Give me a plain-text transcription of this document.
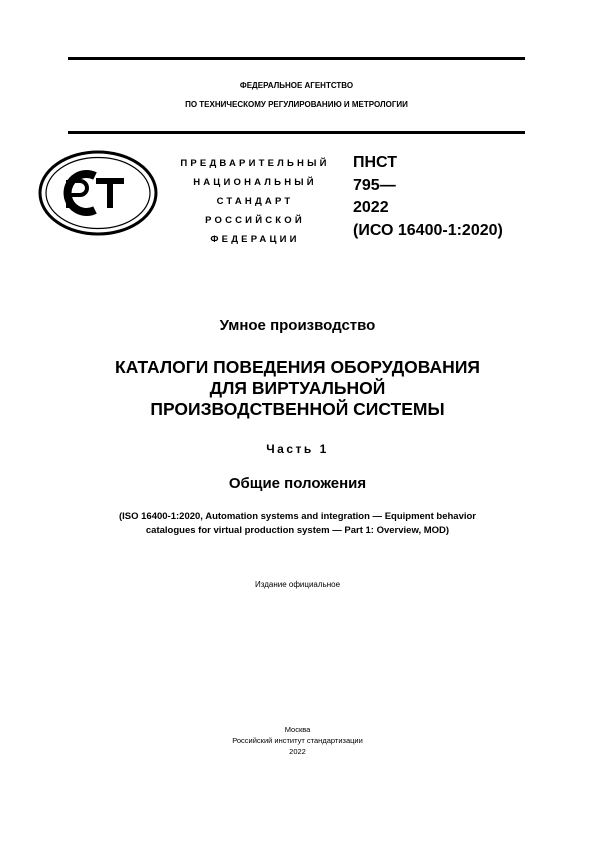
ФЕДЕРАЛЬНОЕ АГЕНТСТВО
ПО ТЕХНИЧЕСКОМУ РЕГУЛИРОВАНИЮ И МЕТРОЛОГИИ
ПРЕДВАРИТЕЛЬНЫЙ
НАЦИОНАЛЬНЫЙ
СТАНДАРТ
РОССИЙСКОЙ
ФЕДЕРАЦИИ
ПНСТ
795—
2022
(ИСО 16400-1:2020)
Умное производство
КАТАЛОГИ ПОВЕДЕНИЯ ОБОРУДОВАНИЯ
ДЛЯ ВИРТУАЛЬНОЙ
ПРОИЗВОДСТВЕННОЙ СИСТЕМЫ
Часть 1
Общие положения
(ISO 16400-1:2020, Automation systems and integration — Equipment behavior
catalogues for virtual production system — Part 1: Overview, MOD)
Издание официальное
Москва
Российский институт стандартизации
2022
